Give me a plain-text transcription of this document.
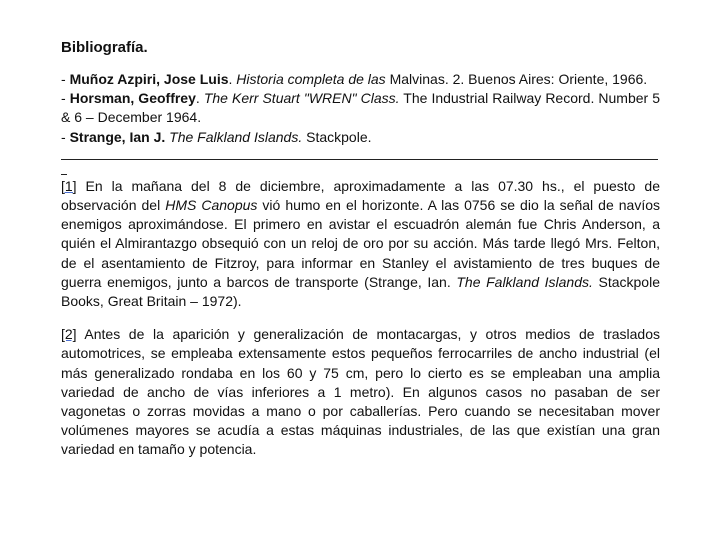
Bibliografía.

- Muñoz Azpiri, Jose Luis. Historia completa de las Malvinas. 2. Buenos Aires: Oriente, 1966.

- Horsman, Geoffrey. The Kerr Stuart "WREN" Class. The Industrial Railway Record. Number 5 & 6 – December 1964.

- Strange, Ian J. The Falkland Islands. Stackpole.

[1] En la mañana del 8 de diciembre, aproximadamente a las 07.30 hs., el puesto de observación del HMS Canopus vió humo en el horizonte. A las 0756 se dio la señal de navíos enemigos aproximándose. El primero en avistar el escuadrón alemán fue Chris Anderson, a quién el Almirantazgo obsequió con un reloj de oro por su acción. Más tarde llegó Mrs. Felton, de el asentamiento de Fitzroy, para informar en Stanley el avistamiento de tres buques de guerra enemigos, junto a barcos de transporte (Strange, Ian. The Falkland Islands. Stackpole Books, Great Britain – 1972).

[2] Antes de la aparición y generalización de montacargas, y otros medios de traslados automotrices, se empleaba extensamente estos pequeños ferrocarriles de ancho industrial (el más generalizado rondaba en los 60 y 75 cm, pero lo cierto es se empleaban una amplia variedad de ancho de vías inferiores a 1 metro). En algunos casos no pasaban de ser vagonetas o zorras movidas a mano o por caballerías. Pero cuando se necesitaban mover volúmenes mayores se acudía a estas máquinas industriales, de las que existían una gran variedad en tamaño y potencia.
